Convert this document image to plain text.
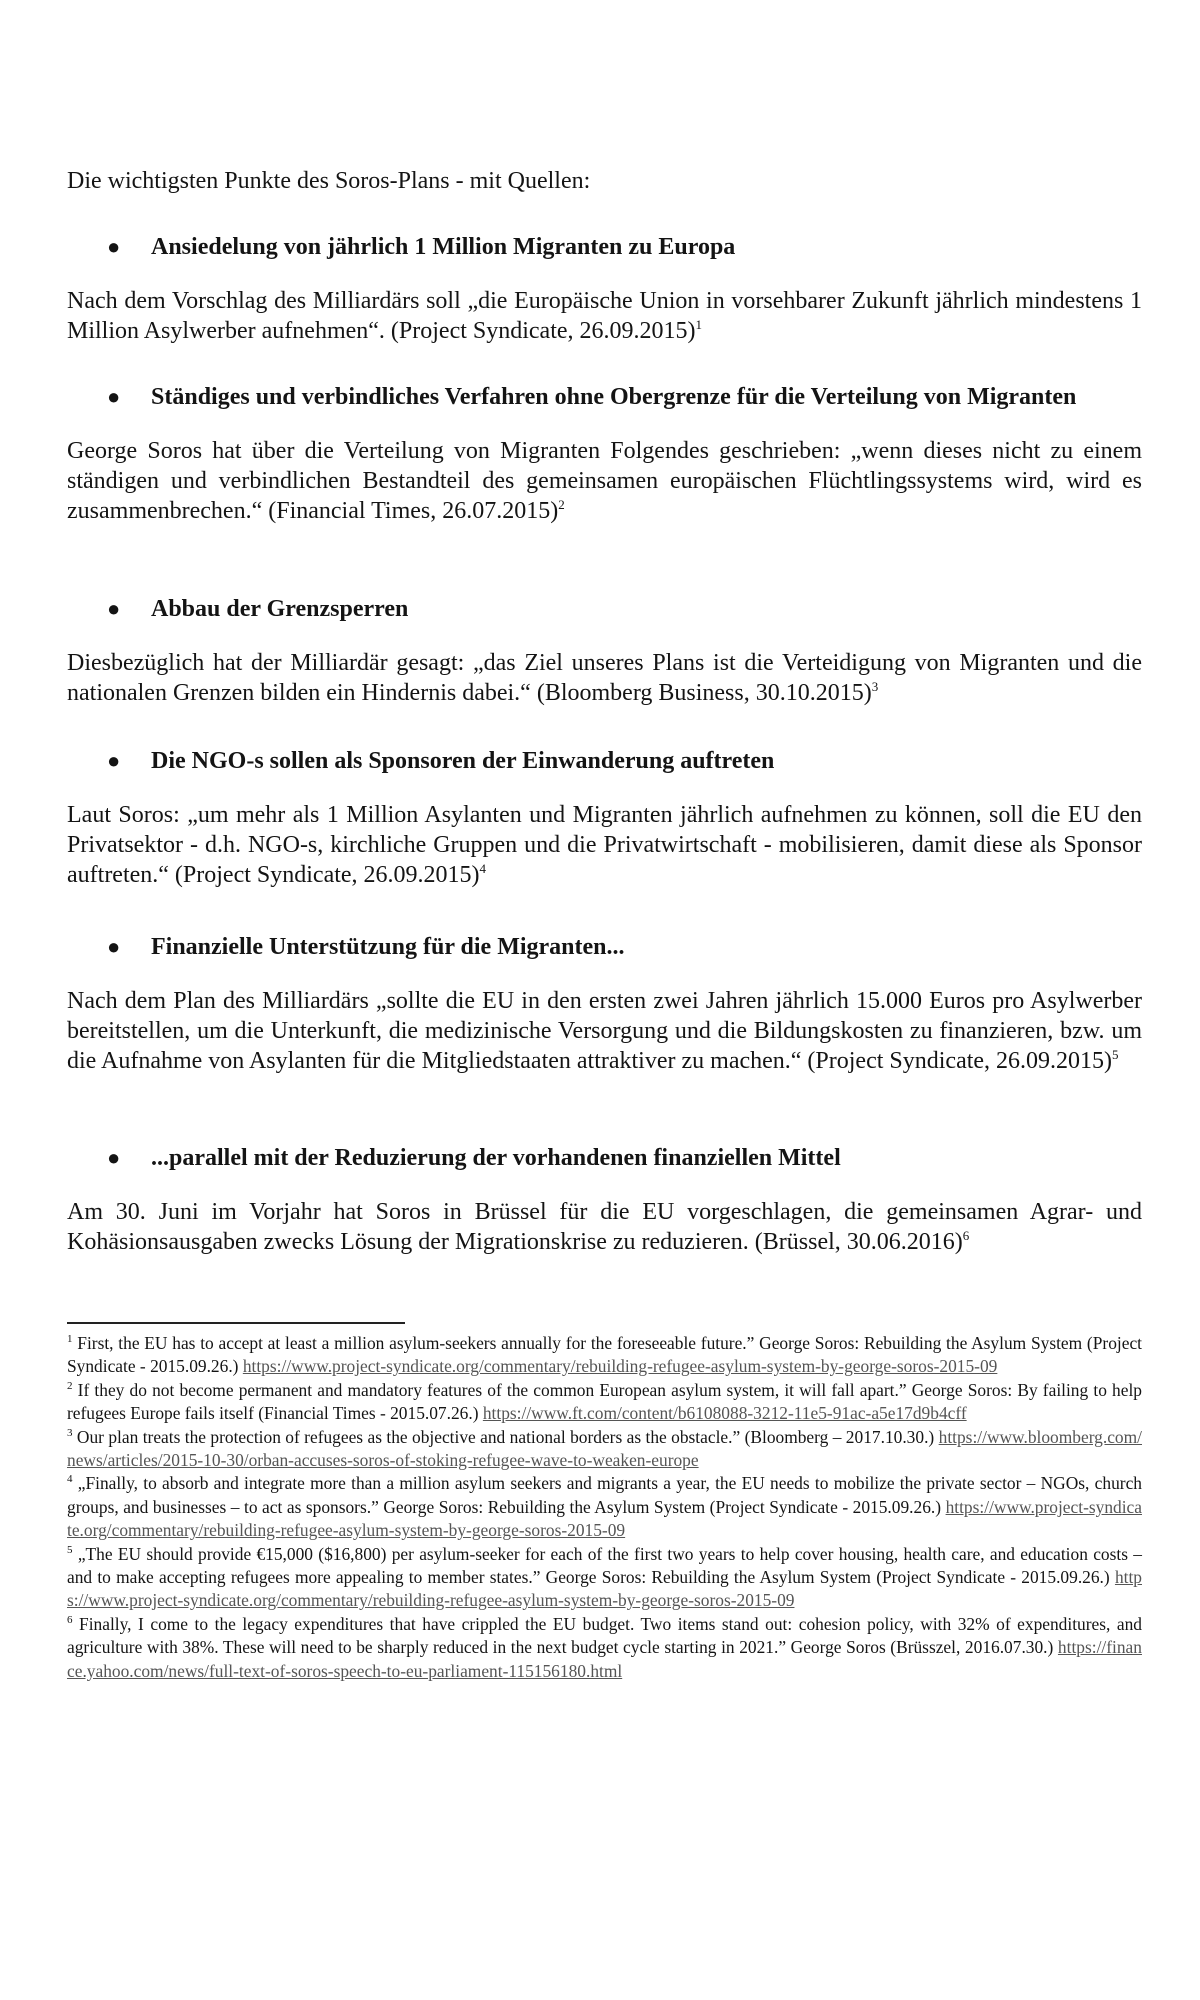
Die wichtigsten Punkte des Soros-Plans - mit Quellen:

●	Ansiedelung von jährlich 1 Million Migranten zu Europa
Nach dem Vorschlag des Milliardärs soll „die Europäische Union in vorsehbarer Zukunft jährlich mindestens 1 Million Asylwerber aufnehmen“. (Project Syndicate, 26.09.2015)$^1$
●	Ständiges und verbindliches Verfahren ohne Obergrenze für die Verteilung von Migranten
George Soros hat über die Verteilung von Migranten Folgendes geschrieben: „wenn dieses nicht zu einem ständigen und verbindlichen Bestandteil des gemeinsamen europäischen Flüchtlingssystems wird, wird es zusammenbrechen.“ (Financial Times, 26.07.2015)$^2$
●	Abbau der Grenzsperren
Diesbezüglich hat der Milliardär gesagt: „das Ziel unseres Plans ist die Verteidigung von Migranten und die nationalen Grenzen bilden ein Hindernis dabei.“ (Bloomberg Business, 30.10.2015)$^3$
●	Die NGO-s sollen als Sponsoren der Einwanderung auftreten
Laut Soros: „um mehr als 1 Million Asylanten und Migranten jährlich aufnehmen zu können, soll die EU den Privatsektor - d.h. NGO-s, kirchliche Gruppen und die Privatwirtschaft - mobilisieren, damit diese als Sponsor auftreten.“ (Project Syndicate, 26.09.2015)$^4$
●	Finanzielle Unterstützung für die Migranten...
Nach dem Plan des Milliardärs „sollte die EU in den ersten zwei Jahren jährlich 15.000 Euros pro Asylwerber bereitstellen, um die Unterkunft, die medizinische Versorgung und die Bildungskosten zu finanzieren, bzw. um die Aufnahme von Asylanten für die Mitgliedstaaten attraktiver zu machen.“ (Project Syndicate, 26.09.2015)$^5$
●	...parallel mit der Reduzierung der vorhandenen finanziellen Mittel
Am 30. Juni im Vorjahr hat Soros in Brüssel für die EU vorgeschlagen, die gemeinsamen Agrar- und Kohäsionsausgaben zwecks Lösung der Migrationskrise zu reduzieren. (Brüssel, 30.06.2016)$^6$

$^1$ First, the EU has to accept at least a million asylum-seekers annually for the foreseeable future.” George Soros: Rebuilding the Asylum System (Project Syndicate - 2015.09.26.) https://www.project-syndicate.org/commentary/rebuilding-refugee-asylum-system-by-george-soros-2015-09

$^2$ If they do not become permanent and mandatory features of the common European asylum system, it will fall apart.” George Soros: By failing to help refugees Europe fails itself (Financial Times - 2015.07.26.) https://www.ft.com/content/b6108088-3212-11e5-91ac-a5e17d9b4cff

$^3$ Our plan treats the protection of refugees as the objective and national borders as the obstacle.” (Bloomberg – 2017.10.30.) https://www.bloomberg.com/news/articles/2015-10-30/orban-accuses-soros-of-stoking-refugee-wave-to-weaken-europe

$^4$ „Finally, to absorb and integrate more than a million asylum seekers and migrants a year, the EU needs to mobilize the private sector – NGOs, church groups, and businesses – to act as sponsors.” George Soros: Rebuilding the Asylum System (Project Syndicate - 2015.09.26.) https://www.project-syndicate.org/commentary/rebuilding-refugee-asylum-system-by-george-soros-2015-09

$^5$ „The EU should provide €15,000 ($16,800) per asylum-seeker for each of the first two years to help cover housing, health care, and education costs – and to make accepting refugees more appealing to member states.” George Soros: Rebuilding the Asylum System (Project Syndicate - 2015.09.26.) https://www.project-syndicate.org/commentary/rebuilding-refugee-asylum-system-by-george-soros-2015-09

$^6$ Finally, I come to the legacy expenditures that have crippled the EU budget. Two items stand out: cohesion policy, with 32% of expenditures, and agriculture with 38%. These will need to be sharply reduced in the next budget cycle starting in 2021.” George Soros (Brüsszel, 2016.07.30.) https://finance.yahoo.com/news/full-text-of-soros-speech-to-eu-parliament-115156180.html
